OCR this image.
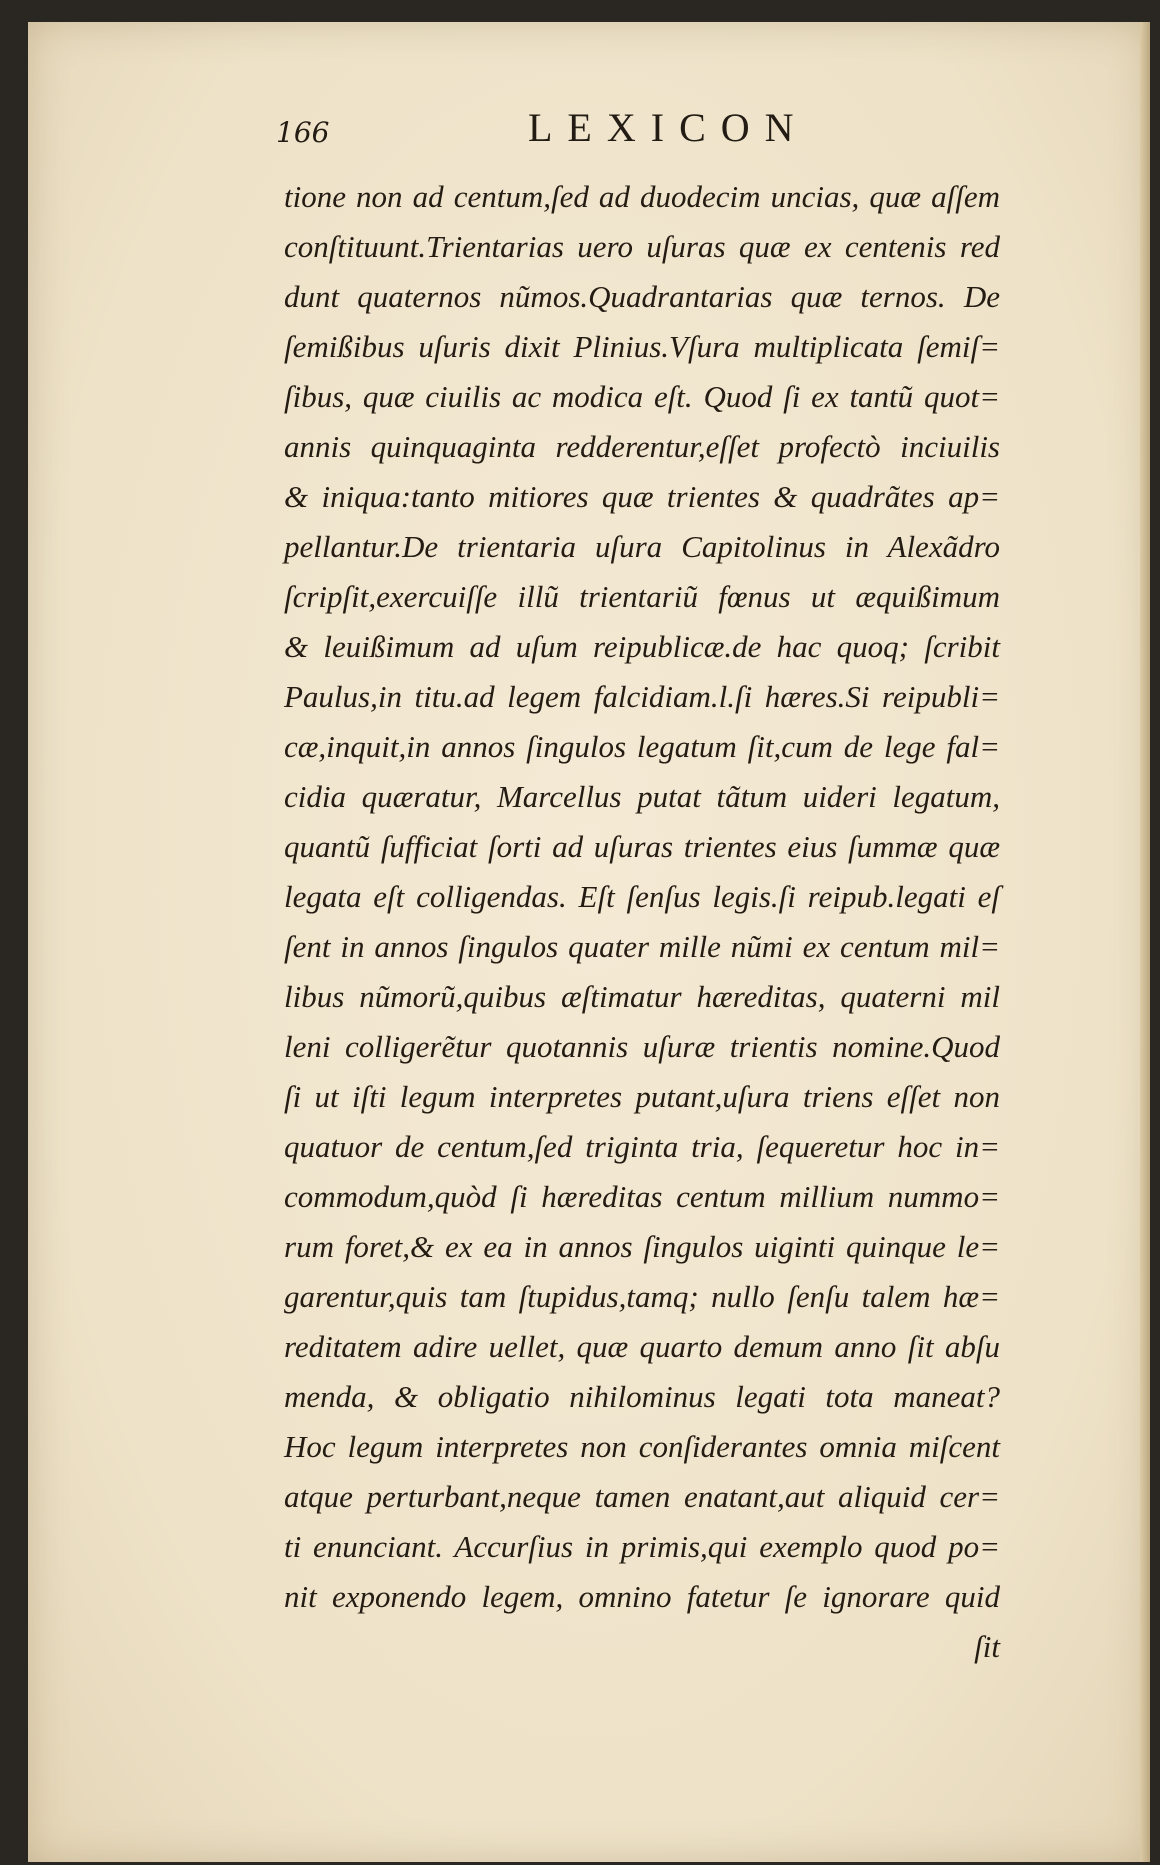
166	LEXICON
tione non ad centum,ſed ad duodecim uncias, quæ aſſem
conſtituunt.Trientarias uero uſuras quæ ex centenis red
dunt quaternos nũmos.Quadrantarias quæ ternos. De
ſemißibus uſuris dixit Plinius.Vſura multiplicata ſemiſ=
ſibus, quæ ciuilis ac modica eſt. Quod ſi ex tantũ quot=
annis quinquaginta redderentur,eſſet profectò inciuilis
& iniqua:tanto mitiores quæ trientes & quadrãtes ap=
pellantur.De trientaria uſura Capitolinus in Alexãdro
ſcripſit,exercuiſſe illũ trientariũ fœnus ut æquißimum
& leuißimum ad uſum reipublicæ.de hac quoq; ſcribit
Paulus,in titu.ad legem falcidiam.l.ſi hæres.Si reipubli=
cæ,inquit,in annos ſingulos legatum ſit,cum de lege fal=
cidia quæratur, Marcellus putat tãtum uideri legatum,
quantũ ſufficiat ſorti ad uſuras trientes eius ſummæ quæ
legata eſt colligendas. Eſt ſenſus legis.ſi reipub.legati eſ
ſent in annos ſingulos quater mille nũmi ex centum mil=
libus nũmorũ,quibus æſtimatur hæreditas, quaterni mil
leni colligerẽtur quotannis uſuræ trientis nomine.Quod
ſi ut iſti legum interpretes putant,uſura triens eſſet non
quatuor de centum,ſed triginta tria, ſequeretur hoc in=
commodum,quòd ſi hæreditas centum millium nummo=
rum foret,& ex ea in annos ſingulos uiginti quinque le=
garentur,quis tam ſtupidus,tamq; nullo ſenſu talem hæ=
reditatem adire uellet, quæ quarto demum anno ſit abſu
menda, & obligatio nihilominus legati tota maneat?
Hoc legum interpretes non conſiderantes omnia miſcent
atque perturbant,neque tamen enatant,aut aliquid cer=
ti enunciant. Accurſius in primis,qui exemplo quod po=
nit exponendo legem, omnino fatetur ſe ignorare quid
ſit
